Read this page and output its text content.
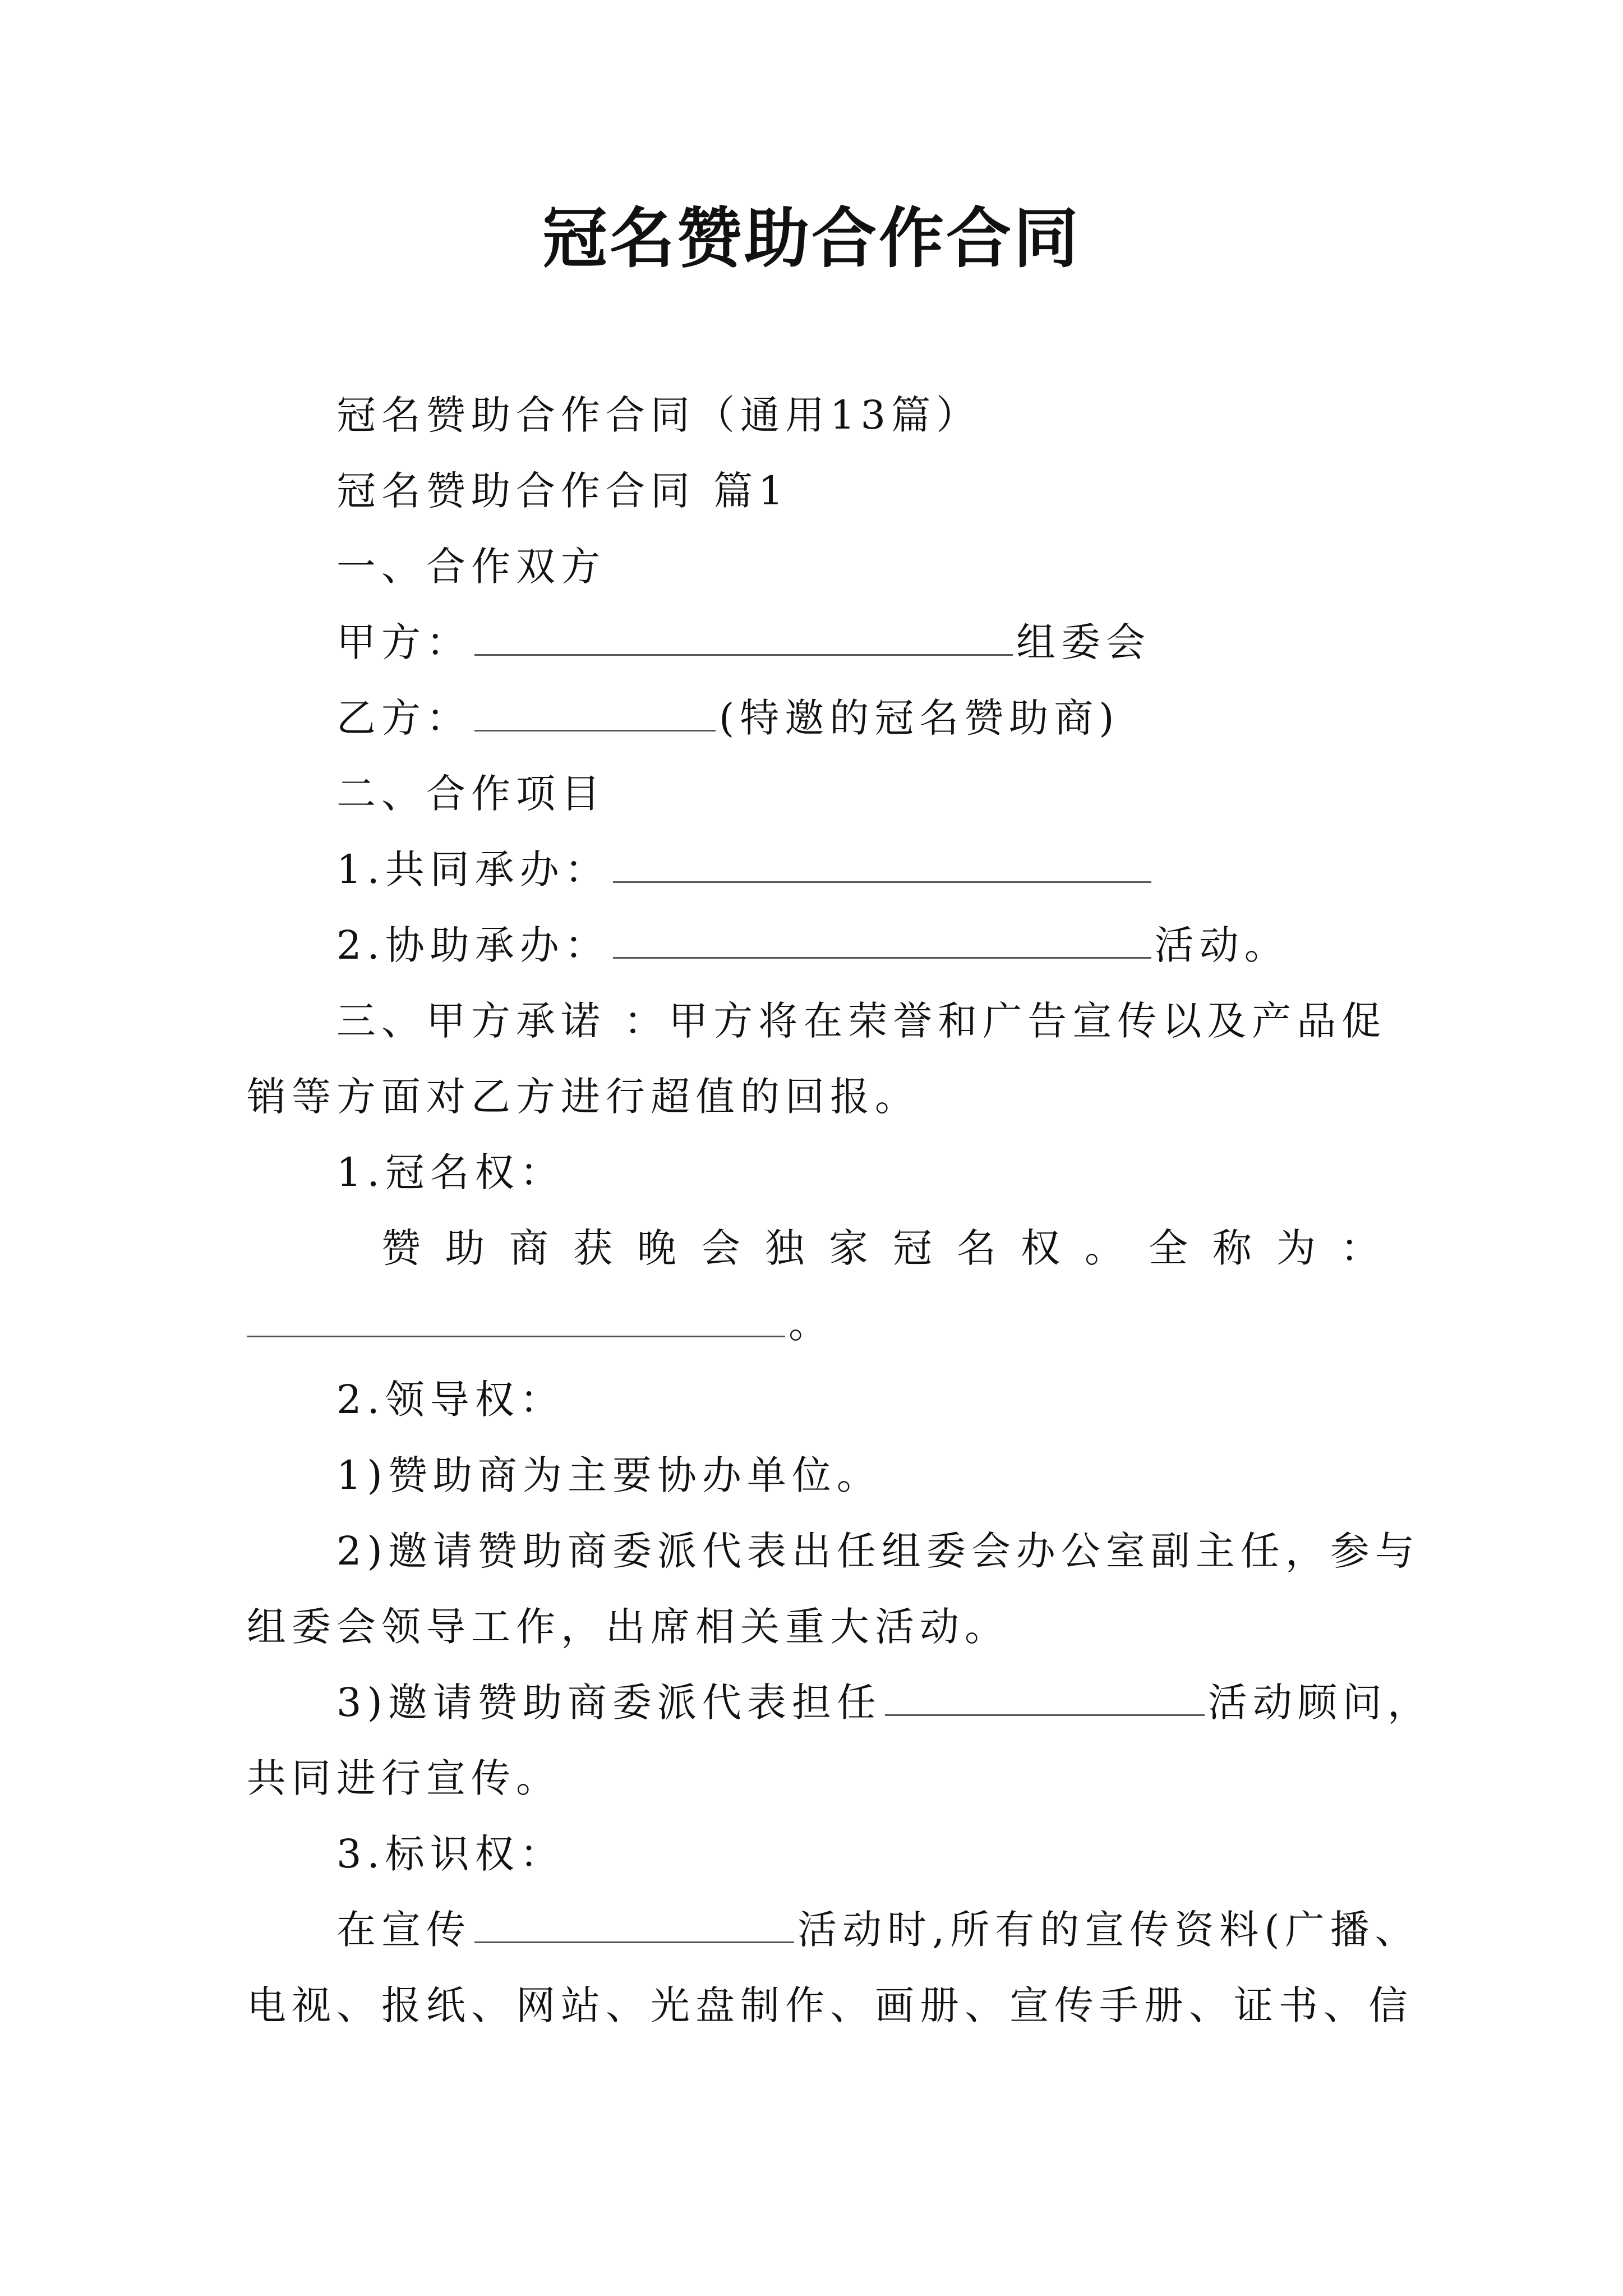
冠名赞助合作合同
冠名赞助合作合同（通用13篇）
冠名赞助合作合同 篇1
一、合作双方
甲方：	组委会
乙方：	(特邀的冠名赞助商)
二、合作项目
1.共同承办：
2.协助承办：	活动。
三、甲方承诺 ：甲方将在荣誉和广告宣传以及产品促
销等方面对乙方进行超值的回报。
1.冠名权：
赞 助 商 获 晚 会 独 家 冠 名 权 。 全 称 为 ：
。
2.领导权：
1)赞助商为主要协办单位。
2)邀请赞助商委派代表出任组委会办公室副主任，参与
组委会领导工作，出席相关重大活动。
3)邀请赞助商委派代表担任	活动顾问，
共同进行宣传。
3.标识权：
在宣传	活动时,所有的宣传资料(广播、
电视、报纸、网站、光盘制作、画册、宣传手册、证书、信
